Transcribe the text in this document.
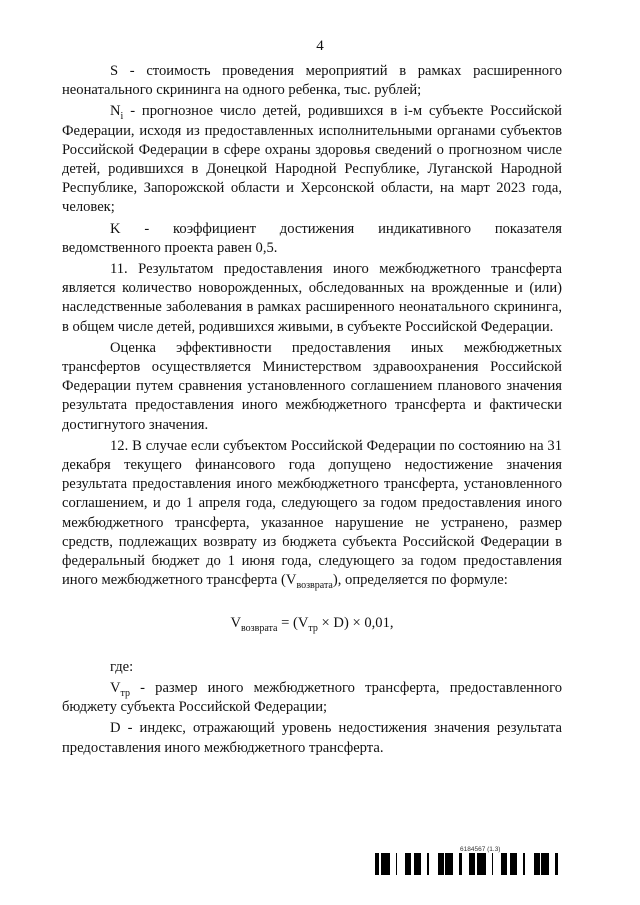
4

S - стоимость проведения мероприятий в рамках расширенного неонатального скрининга на одного ребенка, тыс. рублей;

$N_i$ - прогнозное число детей, родившихся в i-м субъекте Российской Федерации, исходя из предоставленных исполнительными органами субъектов Российской Федерации в сфере охраны здоровья сведений о прогнозном числе детей, родившихся в Донецкой Народной Республике, Луганской Народной Республике, Запорожской области и Херсонской области, на март 2023 года, человек;

K - коэффициент достижения индикативного показателя ведомственного проекта равен 0,5.

11. Результатом предоставления иного межбюджетного трансферта является количество новорожденных, обследованных на врожденные и (или) наследственные заболевания в рамках расширенного неонатального скрининга, в общем числе детей, родившихся живыми, в субъекте Российской Федерации.

Оценка эффективности предоставления иных межбюджетных трансфертов осуществляется Министерством здравоохранения Российской Федерации путем сравнения установленного соглашением планового значения результата предоставления иного межбюджетного трансферта и фактически достигнутого значения.

12. В случае если субъектом Российской Федерации по состоянию на 31 декабря текущего финансового года допущено недостижение значения результата предоставления иного межбюджетного трансферта, установленного соглашением, и до 1 апреля года, следующего за годом предоставления иного межбюджетного трансферта, указанное нарушение не устранено, размер средств, подлежащих возврату из бюджета субъекта Российской Федерации в федеральный бюджет до 1 июня года, следующего за годом предоставления иного межбюджетного трансферта $(V_{возврата})$, определяется по формуле:

$V_{возврата} = (V_{тр} \times D) \times 0,01$,

где:

$V_{тр}$ - размер иного межбюджетного трансферта, предоставленного бюджету субъекта Российской Федерации;

D - индекс, отражающий уровень недостижения значения результата предоставления иного межбюджетного трансферта.

6184567 (1.3)
